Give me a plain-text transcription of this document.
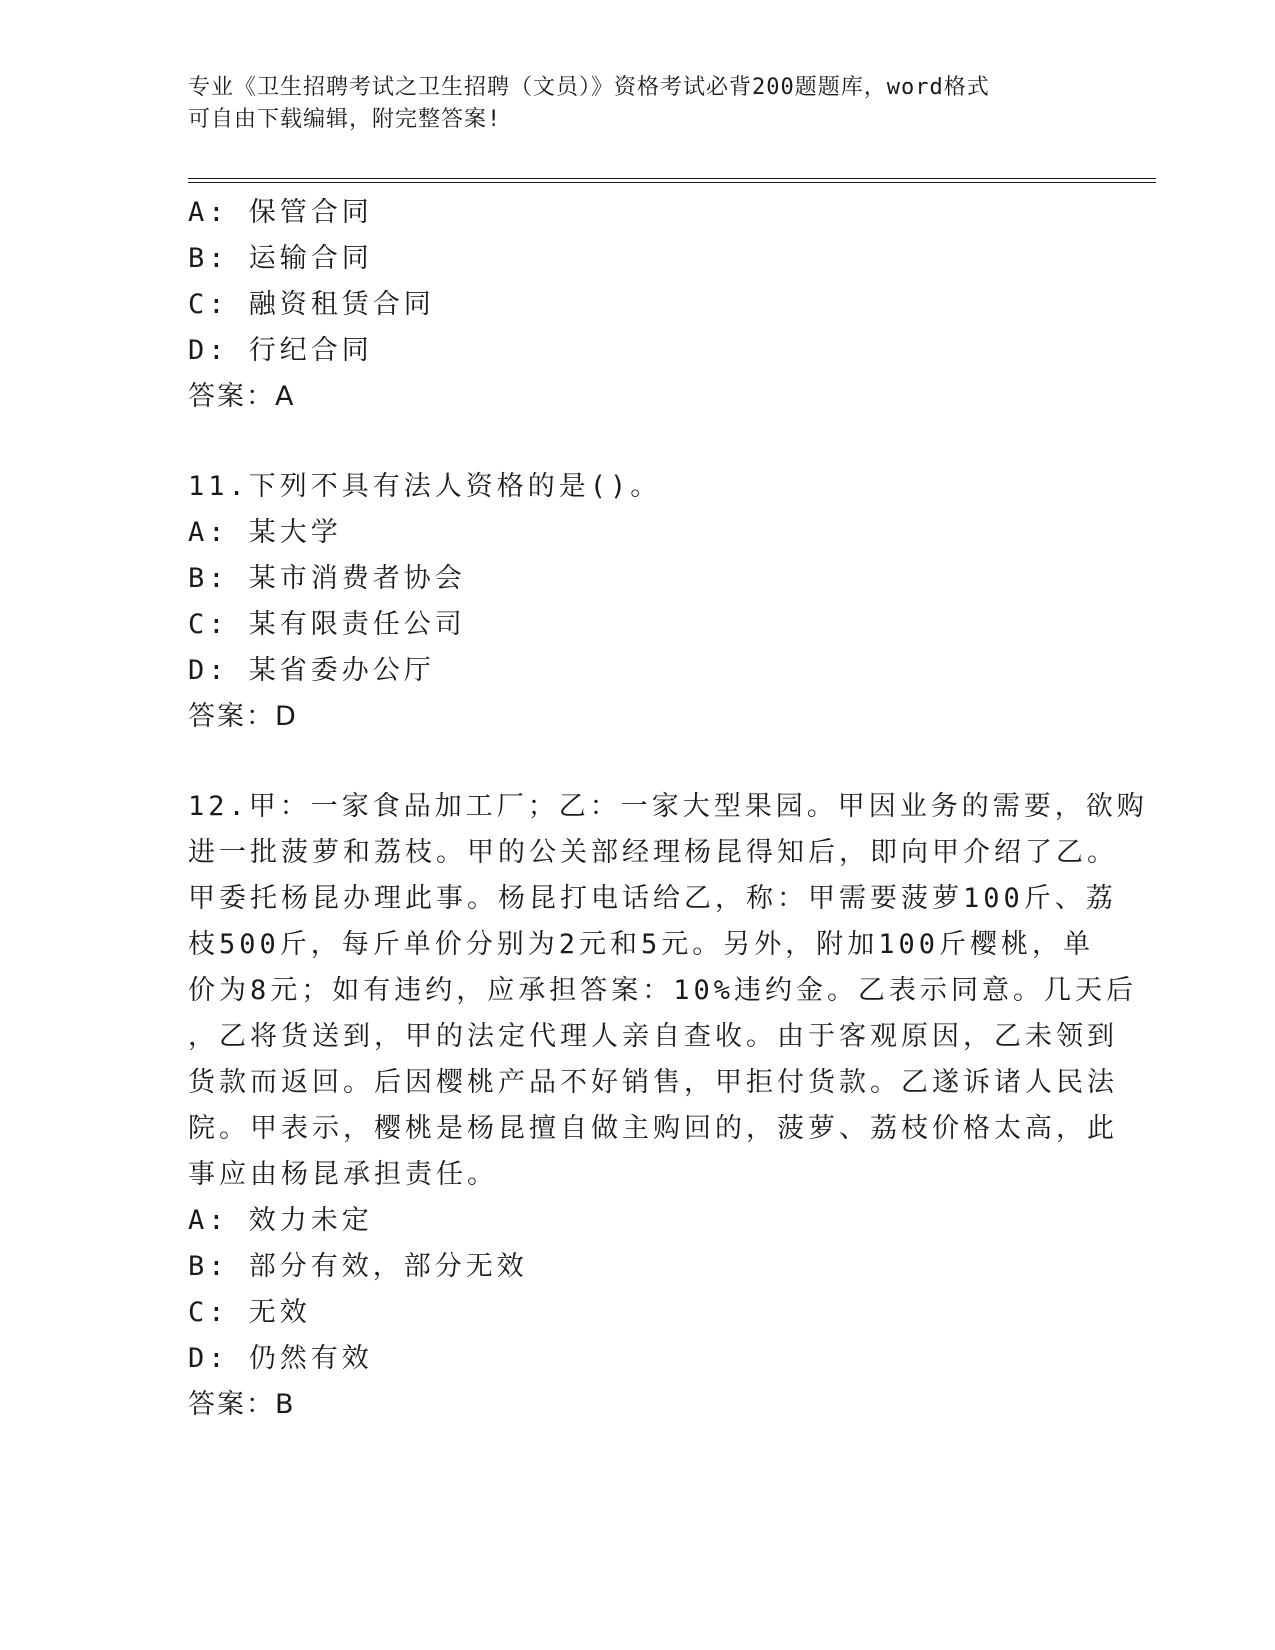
专业《卫生招聘考试之卫生招聘（文员）》资格考试必背200题题库，word格式
可自由下载编辑，附完整答案!
A: 保管合同
B: 运输合同
C: 融资租赁合同
D: 行纪合同
答案：A
11.下列不具有法人资格的是()。
A: 某大学
B: 某市消费者协会
C: 某有限责任公司
D: 某省委办公厅
答案：D
12.甲：一家食品加工厂；乙：一家大型果园。甲因业务的需要，欲购
进一批菠萝和荔枝。甲的公关部经理杨昆得知后，即向甲介绍了乙。
甲委托杨昆办理此事。杨昆打电话给乙，称：甲需要菠萝100斤、荔
枝500斤，每斤单价分别为2元和5元。另外，附加100斤樱桃，单
价为8元；如有违约，应承担答案：10%违约金。乙表示同意。几天后
，乙将货送到，甲的法定代理人亲自查收。由于客观原因，乙未领到
货款而返回。后因樱桃产品不好销售，甲拒付货款。乙遂诉诸人民法
院。甲表示，樱桃是杨昆擅自做主购回的，菠萝、荔枝价格太高，此
事应由杨昆承担责任。
A: 效力未定
B: 部分有效，部分无效
C: 无效
D: 仍然有效
答案：B
